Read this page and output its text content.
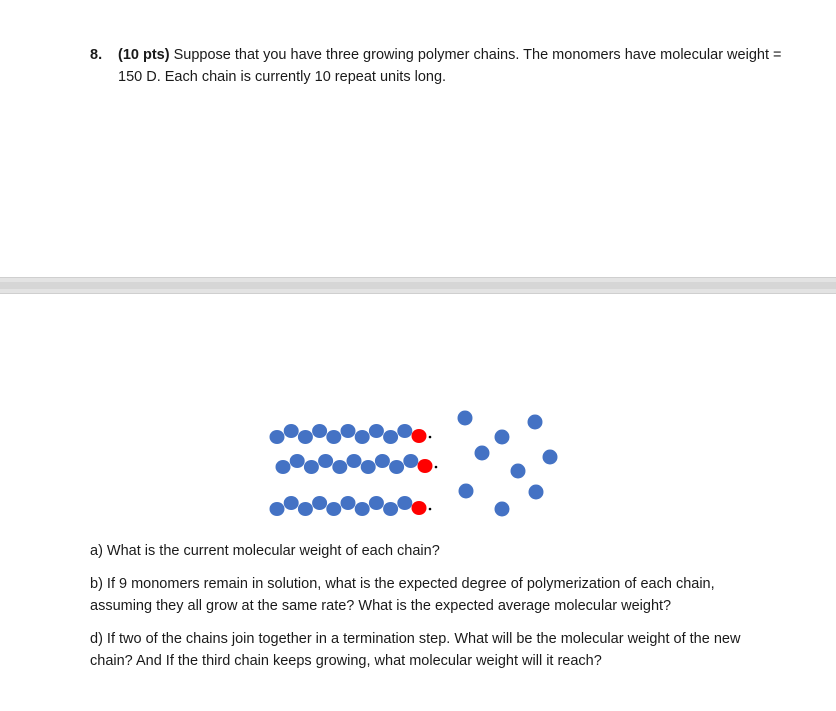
8. (10 pts) Suppose that you have three growing polymer chains. The monomers have molecular weight = 150 D. Each chain is currently 10 repeat units long.
a) What is the current molecular weight of each chain?
b) If 9 monomers remain in solution, what is the expected degree of polymerization of each chain, assuming they all grow at the same rate? What is the expected average molecular weight?
d) If two of the chains join together in a termination step. What will be the molecular weight of the new chain? And If the third chain keeps growing, what molecular weight will it reach?
